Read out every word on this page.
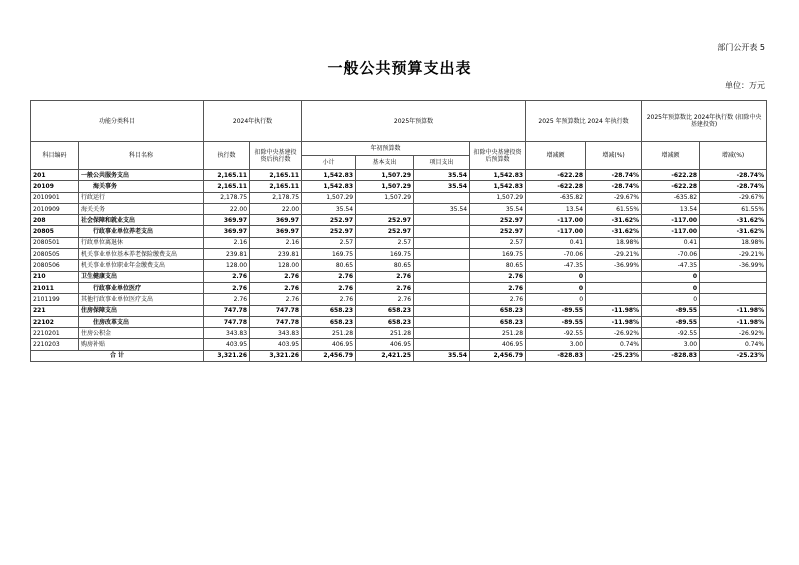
部门公开表 5
一般公共预算支出表
单位：万元
功能分类科目		2024年执行数		2025年预算数				2025 年预算数比 2024 年执行数		2025年预算数比 2024年执行数 (扣除中央基建投资)	
科目编码	科目名称	执行数	扣除中央基建投资后执行数	年初预算数			扣除中央基建投资后预算数	增减额	增减(%)	增减额	增减(%)
				小计	基本支出	项目支出					
201	一般公共服务支出	2,165.11	2,165.11	1,542.83	1,507.29	35.54	1,542.83	-622.28	-28.74%	-622.28	-28.74%
20109	海关事务	2,165.11	2,165.11	1,542.83	1,507.29	35.54	1,542.83	-622.28	-28.74%	-622.28	-28.74%
2010901	行政运行	2,178.75	2,178.75	1,507.29	1,507.29		1,507.29	-635.82	-29.67%	-635.82	-29.67%
2010909	海关关务	22.00	22.00	35.54		35.54	35.54	13.54	61.55%	13.54	61.55%
208	社会保障和就业支出	369.97	369.97	252.97	252.97		252.97	-117.00	-31.62%	-117.00	-31.62%
20805	行政事业单位养老支出	369.97	369.97	252.97	252.97		252.97	-117.00	-31.62%	-117.00	-31.62%
2080501	行政单位离退休	2.16	2.16	2.57	2.57		2.57	0.41	18.98%	0.41	18.98%
2080505	机关事业单位基本养老保险缴费支出	239.81	239.81	169.75	169.75		169.75	-70.06	-29.21%	-70.06	-29.21%
2080506	机关事业单位职业年金缴费支出	128.00	128.00	80.65	80.65		80.65	-47.35	-36.99%	-47.35	-36.99%
210	卫生健康支出	2.76	2.76	2.76	2.76		2.76	0		0	
21011	行政事业单位医疗	2.76	2.76	2.76	2.76		2.76	0		0	
2101199	其他行政事业单位医疗支出	2.76	2.76	2.76	2.76		2.76	0		0	
221	住房保障支出	747.78	747.78	658.23	658.23		658.23	-89.55	-11.98%	-89.55	-11.98%
22102	住房改革支出	747.78	747.78	658.23	658.23		658.23	-89.55	-11.98%	-89.55	-11.98%
2210201	住房公积金	343.83	343.83	251.28	251.28		251.28	-92.55	-26.92%	-92.55	-26.92%
2210203	购房补贴	403.95	403.95	406.95	406.95		406.95	3.00	0.74%	3.00	0.74%
合 计		3,321.26	3,321.26	2,456.79	2,421.25	35.54	2,456.79	-828.83	-25.23%	-828.83	-25.23%
